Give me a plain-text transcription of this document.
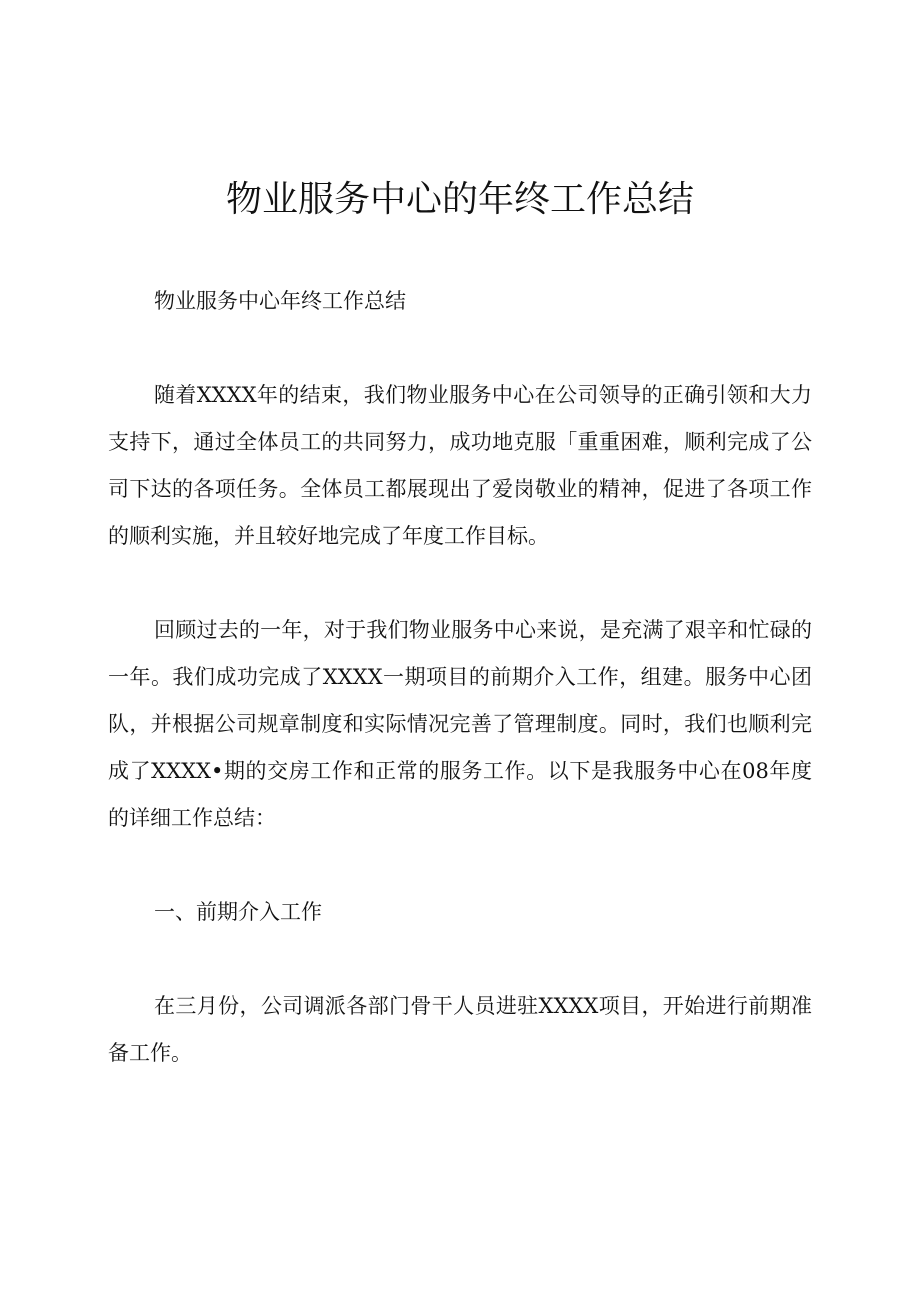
物业服务中心的年终工作总结

物业服务中心年终工作总结

随着XXXX年的结束，我们物业服务中心在公司领导的正确引领和大力支持下，通过全体员工的共同努力，成功地克服「重重困难，顺利完成了公司下达的各项任务。全体员工都展现出了爱岗敬业的精神，促进了各项工作的顺利实施，并且较好地完成了年度工作目标。

回顾过去的一年，对于我们物业服务中心来说，是充满了艰辛和忙碌的一年。我们成功完成了XXXX一期项目的前期介入工作，组建。服务中心团队，并根据公司规章制度和实际情况完善了管理制度。同时，我们也顺利完成了XXXX•期的交房工作和正常的服务工作。以下是我服务中心在08年度的详细工作总结：

一、前期介入工作

在三月份，公司调派各部门骨干人员进驻XXXX项目，开始进行前期准备工作。
